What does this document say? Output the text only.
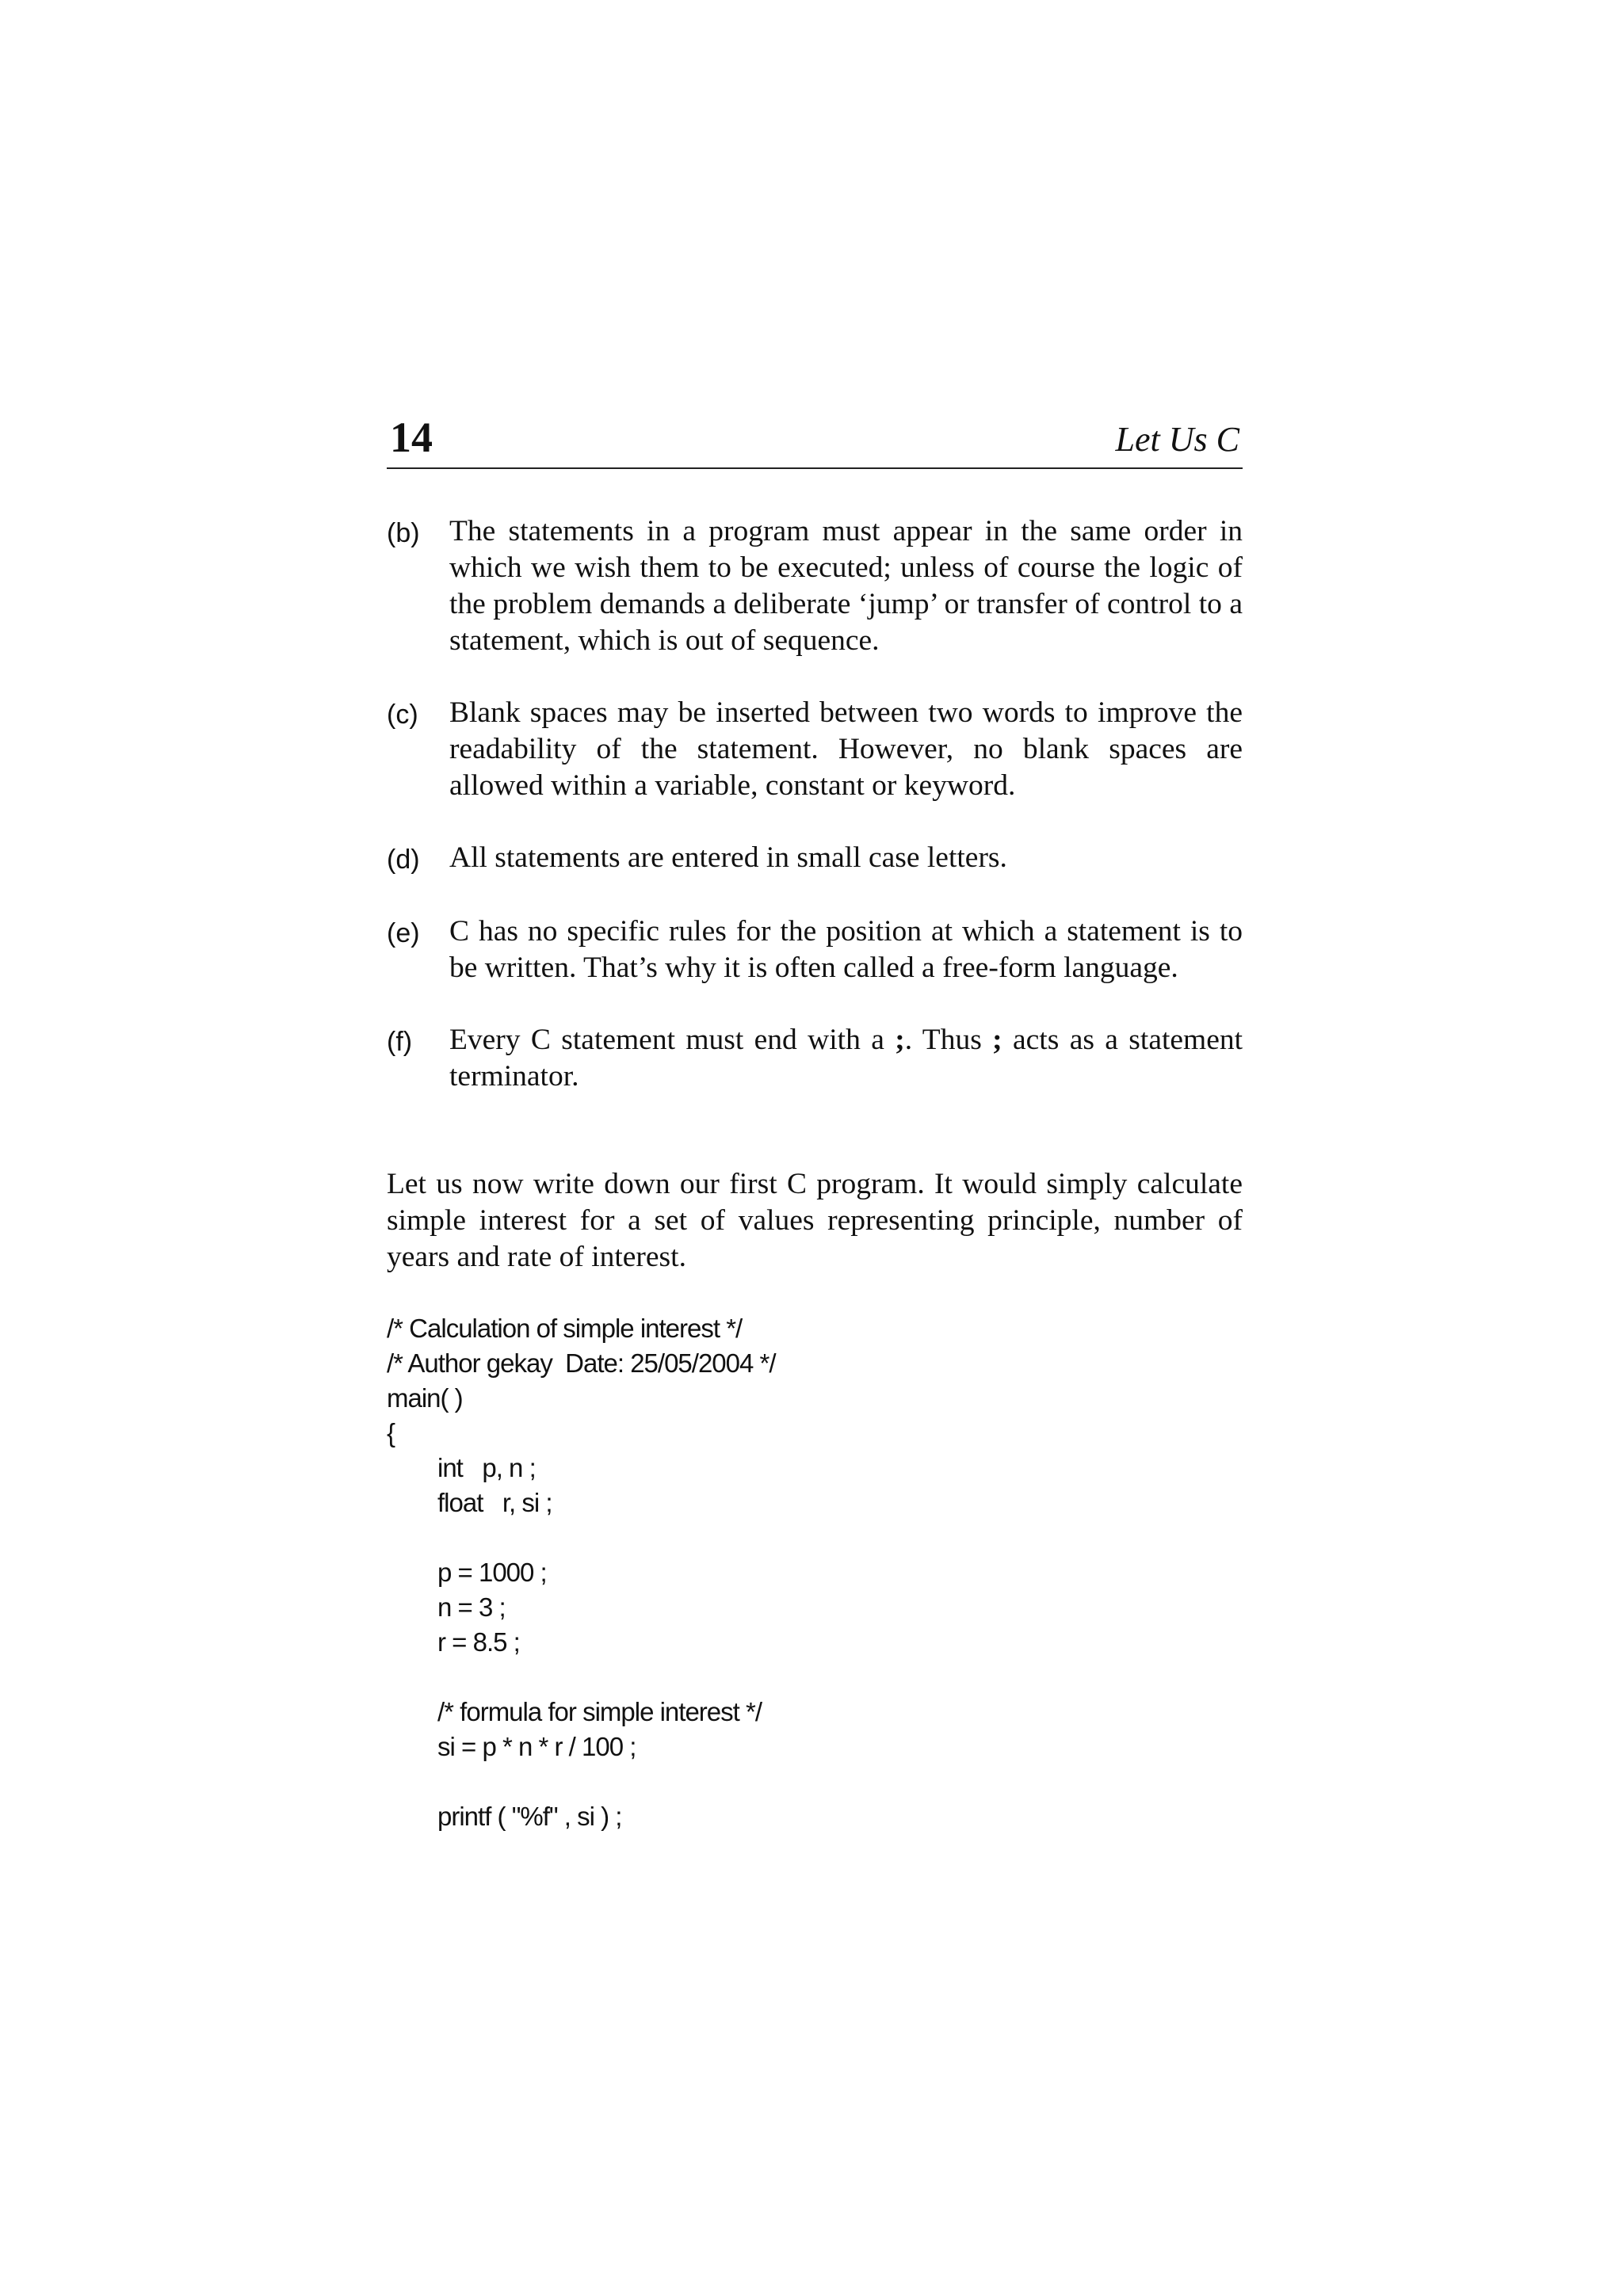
14	Let Us C
(b) The statements in a program must appear in the same order in which we wish them to be executed; unless of course the logic of the problem demands a deliberate ‘jump’ or transfer of control to a statement, which is out of sequence.
(c)	Blank spaces may be inserted between two words to improve the readability of the statement. However, no blank spaces are allowed within a variable, constant or keyword.
(d) All statements are entered in small case letters.
(e) C has no specific rules for the position at which a statement is to be written. That’s why it is often called a free-form language.
(f)	Every C statement must end with a ;. Thus ; acts as a statement terminator.
Let us now write down our first C program. It would simply calculate simple interest for a set of values representing principle, number of years and rate of interest.
/* Calculation of simple interest */
/* Author gekay  Date: 25/05/2004 */
main( )
{
int   p, n ;
float   r, si ;
p = 1000 ;
n = 3 ;
r = 8.5 ;
/* formula for simple interest */
si = p * n * r / 100 ;
printf ( "%f" , si ) ;
